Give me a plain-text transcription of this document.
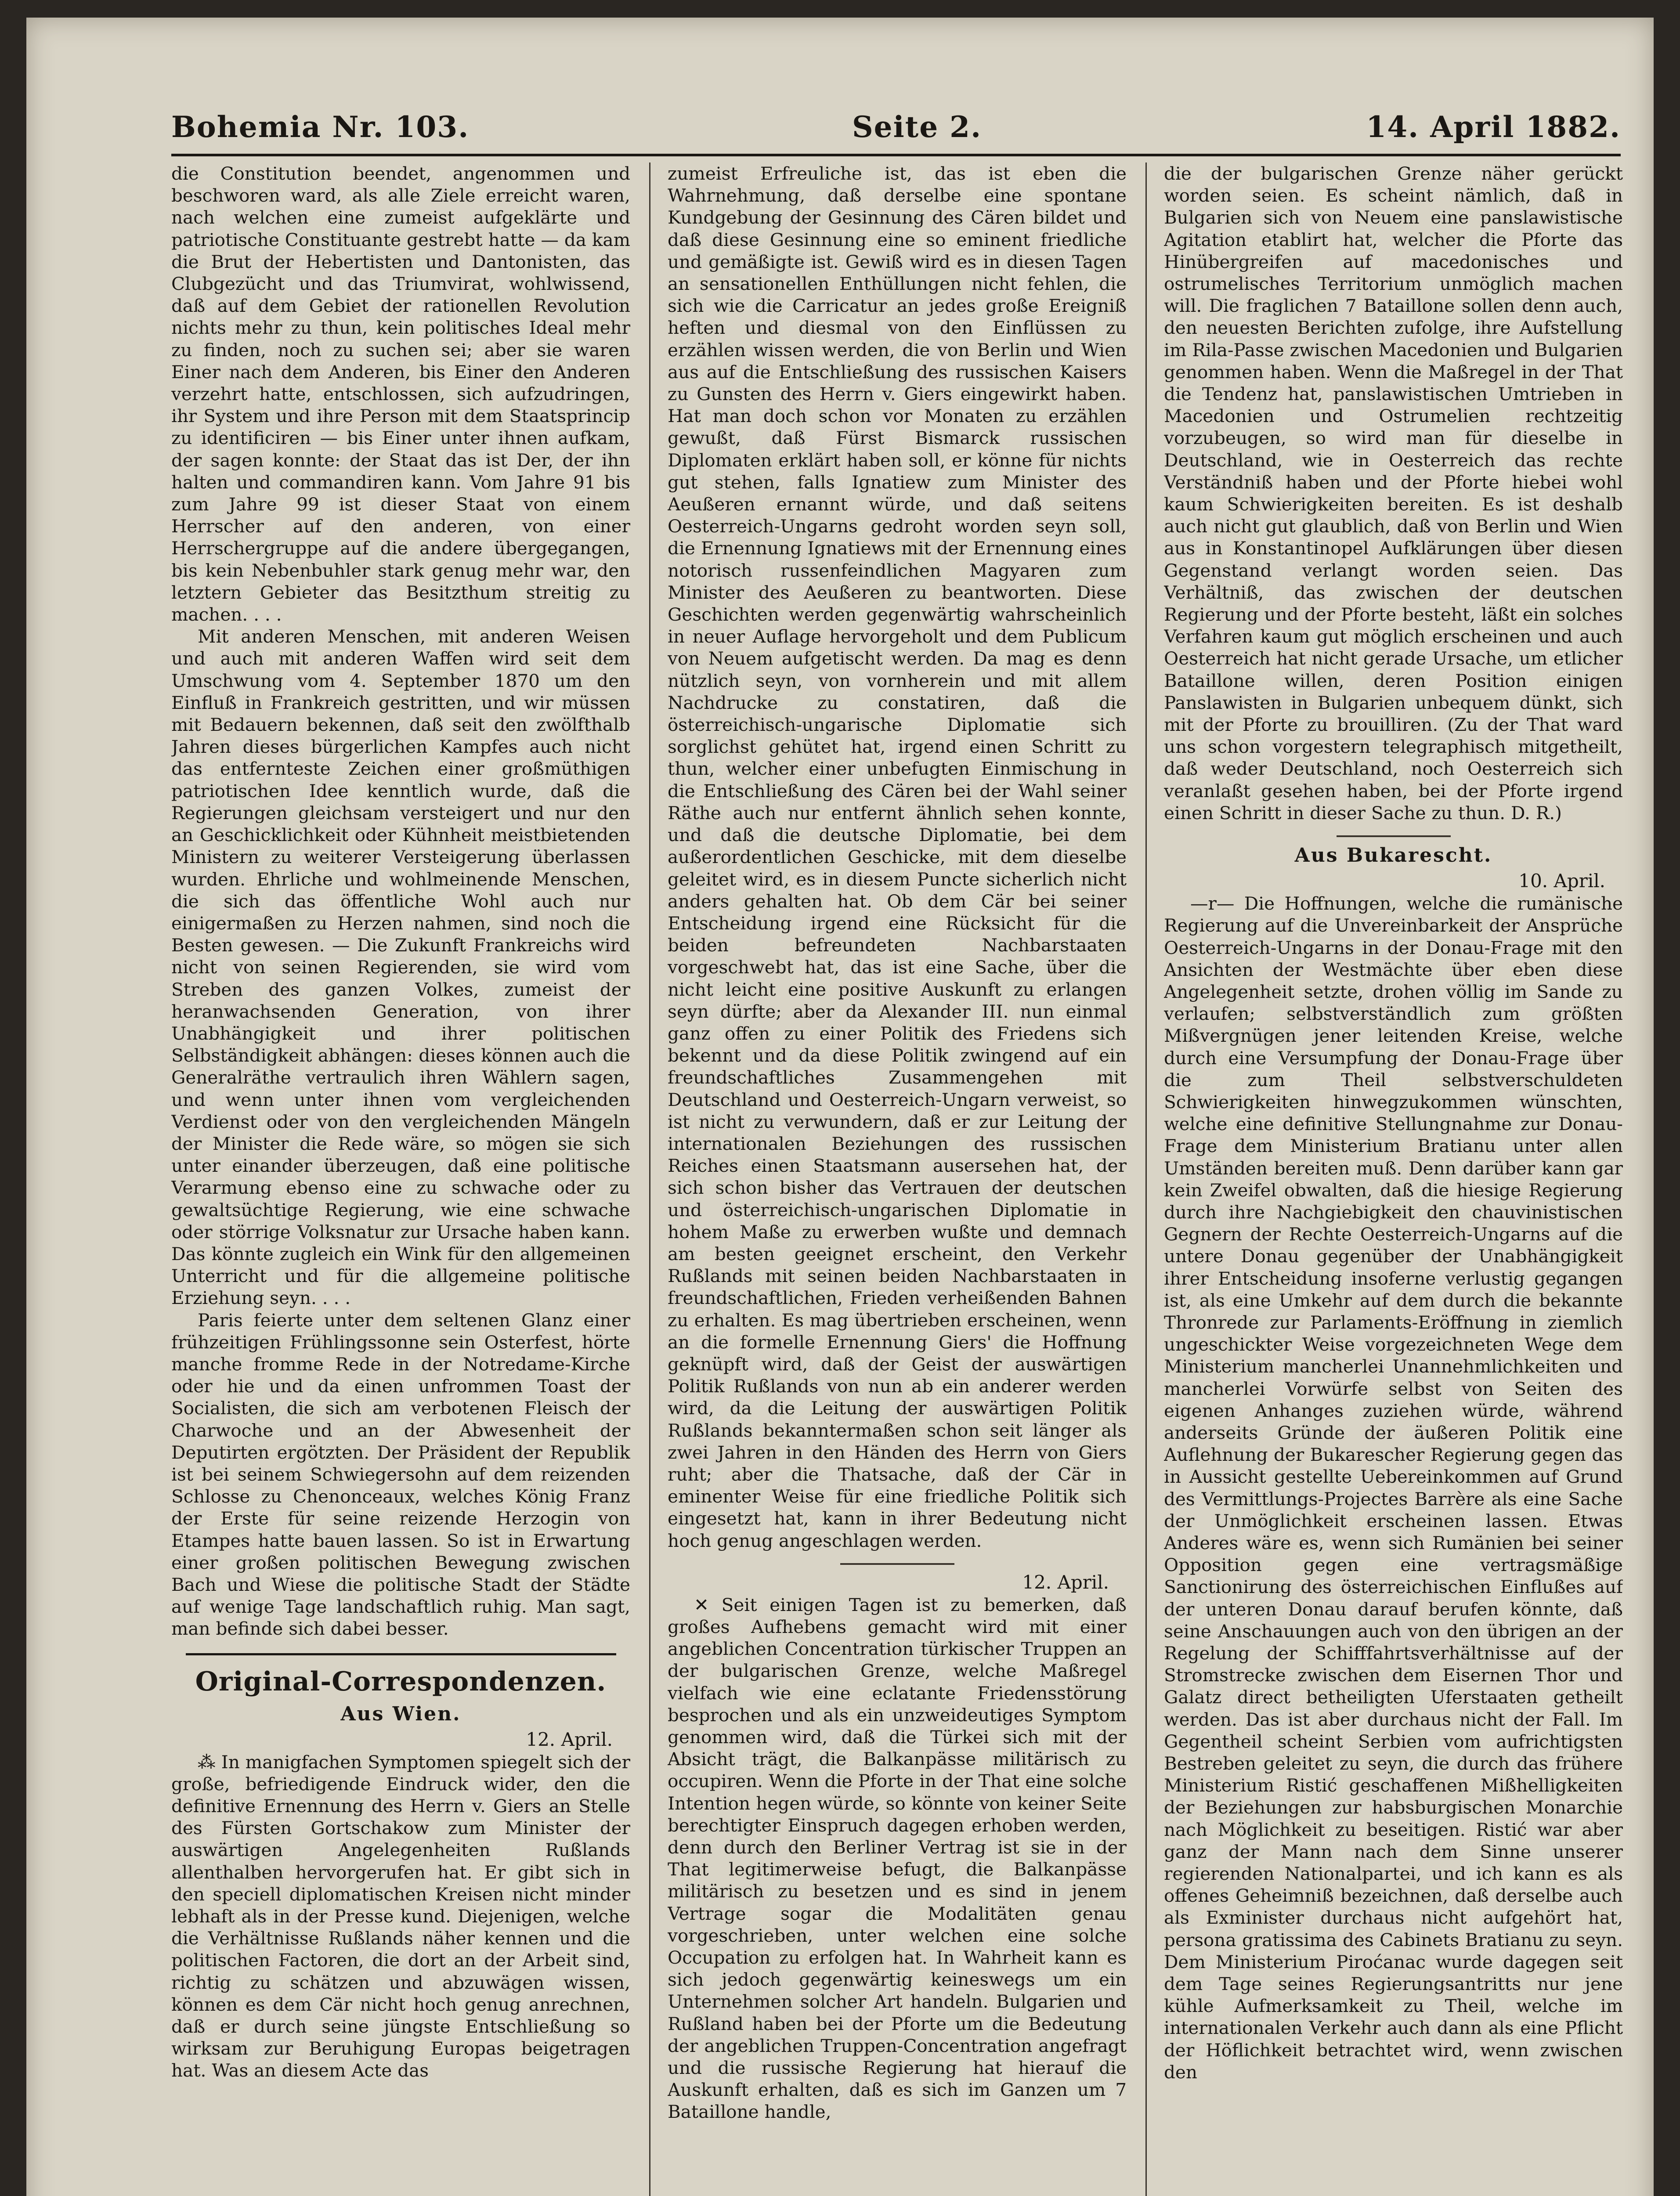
Bohemia Nr. 103.	Seite 2.	14. April 1882.

die Constitution beendet, angenommen und beschworen ward, als alle Ziele erreicht waren, nach welchen eine zumeist aufgeklärte und patriotische Constituante gestrebt hatte — da kam die Brut der Hebertisten und Dantonisten, das Clubgezücht und das Triumvirat, wohlwissend, daß auf dem Gebiet der rationellen Revolution nichts mehr zu thun, kein politisches Ideal mehr zu finden, noch zu suchen sei; aber sie waren Einer nach dem Anderen, bis Einer den Anderen verzehrt hatte, entschlossen, sich aufzudringen, ihr System und ihre Person mit dem Staatsprincip zu identificiren — bis Einer unter ihnen aufkam, der sagen konnte: der Staat das ist Der, der ihn halten und commandiren kann. Vom Jahre 91 bis zum Jahre 99 ist dieser Staat von einem Herrscher auf den anderen, von einer Herrschergruppe auf die andere übergegangen, bis kein Nebenbuhler stark genug mehr war, den letztern Gebieter das Besitzthum streitig zu machen. . . .

Mit anderen Menschen, mit anderen Weisen und auch mit anderen Waffen wird seit dem Umschwung vom 4. September 1870 um den Einfluß in Frankreich gestritten, und wir müssen mit Bedauern bekennen, daß seit den zwölfthalb Jahren dieses bürgerlichen Kampfes auch nicht das entfernteste Zeichen einer großmüthigen patriotischen Idee kenntlich wurde, daß die Regierungen gleichsam versteigert und nur den an Geschicklichkeit oder Kühnheit meistbietenden Ministern zu weiterer Versteigerung überlassen wurden. Ehrliche und wohlmeinende Menschen, die sich das öffentliche Wohl auch nur einigermaßen zu Herzen nahmen, sind noch die Besten gewesen. — Die Zukunft Frankreichs wird nicht von seinen Regierenden, sie wird vom Streben des ganzen Volkes, zumeist der heranwachsenden Generation, von ihrer Unabhängigkeit und ihrer politischen Selbständigkeit abhängen: dieses können auch die Generalräthe vertraulich ihren Wählern sagen, und wenn unter ihnen vom vergleichenden Verdienst oder von den vergleichenden Mängeln der Minister die Rede wäre, so mögen sie sich unter einander überzeugen, daß eine politische Verarmung ebenso eine zu schwache oder zu gewaltsüchtige Regierung, wie eine schwache oder störrige Volksnatur zur Ursache haben kann. Das könnte zugleich ein Wink für den allgemeinen Unterricht und für die allgemeine politische Erziehung seyn. . . .

Paris feierte unter dem seltenen Glanz einer frühzeitigen Frühlingssonne sein Osterfest, hörte manche fromme Rede in der Notredame-Kirche oder hie und da einen unfrommen Toast der Socialisten, die sich am verbotenen Fleisch der Charwoche und an der Abwesenheit der Deputirten ergötzten. Der Präsident der Republik ist bei seinem Schwiegersohn auf dem reizenden Schlosse zu Chenonceaux, welches König Franz der Erste für seine reizende Herzogin von Etampes hatte bauen lassen. So ist in Erwartung einer großen politischen Bewegung zwischen Bach und Wiese die politische Stadt der Städte auf wenige Tage landschaftlich ruhig. Man sagt, man befinde sich dabei besser.

Original-Correspondenzen.
Aus Wien.

12. April.

⁂ In manigfachen Symptomen spiegelt sich der große, befriedigende Eindruck wider, den die definitive Ernennung des Herrn v. Giers an Stelle des Fürsten Gortschakow zum Minister der auswärtigen Angelegenheiten Rußlands allenthalben hervorgerufen hat. Er gibt sich in den speciell diplomatischen Kreisen nicht minder lebhaft als in der Presse kund. Diejenigen, welche die Verhältnisse Rußlands näher kennen und die politischen Factoren, die dort an der Arbeit sind, richtig zu schätzen und abzuwägen wissen, können es dem Cär nicht hoch genug anrechnen, daß er durch seine jüngste Entschließung so wirksam zur Beruhigung Europas beigetragen hat. Was an diesem Acte das

zumeist Erfreuliche ist, das ist eben die Wahrnehmung, daß derselbe eine spontane Kundgebung der Gesinnung des Cären bildet und daß diese Gesinnung eine so eminent friedliche und gemäßigte ist. Gewiß wird es in diesen Tagen an sensationellen Enthüllungen nicht fehlen, die sich wie die Carricatur an jedes große Ereigniß heften und diesmal von den Einflüssen zu erzählen wissen werden, die von Berlin und Wien aus auf die Entschließung des russischen Kaisers zu Gunsten des Herrn v. Giers eingewirkt haben. Hat man doch schon vor Monaten zu erzählen gewußt, daß Fürst Bismarck russischen Diplomaten erklärt haben soll, er könne für nichts gut stehen, falls Ignatiew zum Minister des Aeußeren ernannt würde, und daß seitens Oesterreich-Ungarns gedroht worden seyn soll, die Ernennung Ignatiews mit der Ernennung eines notorisch russenfeindlichen Magyaren zum Minister des Aeußeren zu beantworten. Diese Geschichten werden gegenwärtig wahrscheinlich in neuer Auflage hervorgeholt und dem Publicum von Neuem aufgetischt werden. Da mag es denn nützlich seyn, von vornherein und mit allem Nachdrucke zu constatiren, daß die österreichisch-ungarische Diplomatie sich sorglichst gehütet hat, irgend einen Schritt zu thun, welcher einer unbefugten Einmischung in die Entschließung des Cären bei der Wahl seiner Räthe auch nur entfernt ähnlich sehen konnte, und daß die deutsche Diplomatie, bei dem außerordentlichen Geschicke, mit dem dieselbe geleitet wird, es in diesem Puncte sicherlich nicht anders gehalten hat. Ob dem Cär bei seiner Entscheidung irgend eine Rücksicht für die beiden befreundeten Nachbarstaaten vorgeschwebt hat, das ist eine Sache, über die nicht leicht eine positive Auskunft zu erlangen seyn dürfte; aber da Alexander III. nun einmal ganz offen zu einer Politik des Friedens sich bekennt und da diese Politik zwingend auf ein freundschaftliches Zusammengehen mit Deutschland und Oesterreich-Ungarn verweist, so ist nicht zu verwundern, daß er zur Leitung der internationalen Beziehungen des russischen Reiches einen Staatsmann ausersehen hat, der sich schon bisher das Vertrauen der deutschen und österreichisch-ungarischen Diplomatie in hohem Maße zu erwerben wußte und demnach am besten geeignet erscheint, den Verkehr Rußlands mit seinen beiden Nachbarstaaten in freundschaftlichen, Frieden verheißenden Bahnen zu erhalten. Es mag übertrieben erscheinen, wenn an die formelle Ernennung Giers' die Hoffnung geknüpft wird, daß der Geist der auswärtigen Politik Rußlands von nun ab ein anderer werden wird, da die Leitung der auswärtigen Politik Rußlands bekanntermaßen schon seit länger als zwei Jahren in den Händen des Herrn von Giers ruht; aber die Thatsache, daß der Cär in eminenter Weise für eine friedliche Politik sich eingesetzt hat, kann in ihrer Bedeutung nicht hoch genug angeschlagen werden.

12. April.

✕ Seit einigen Tagen ist zu bemerken, daß großes Aufhebens gemacht wird mit einer angeblichen Concentration türkischer Truppen an der bulgarischen Grenze, welche Maßregel vielfach wie eine eclatante Friedensstörung besprochen und als ein unzweideutiges Symptom genommen wird, daß die Türkei sich mit der Absicht trägt, die Balkanpässe militärisch zu occupiren. Wenn die Pforte in der That eine solche Intention hegen würde, so könnte von keiner Seite berechtigter Einspruch dagegen erhoben werden, denn durch den Berliner Vertrag ist sie in der That legitimerweise befugt, die Balkanpässe militärisch zu besetzen und es sind in jenem Vertrage sogar die Modalitäten genau vorgeschrieben, unter welchen eine solche Occupation zu erfolgen hat. In Wahrheit kann es sich jedoch gegenwärtig keineswegs um ein Unternehmen solcher Art handeln. Bulgarien und Rußland haben bei der Pforte um die Bedeutung der angeblichen Truppen-Concentration angefragt und die russische Regierung hat hierauf die Auskunft erhalten, daß es sich im Ganzen um 7 Bataillone handle,

die der bulgarischen Grenze näher gerückt worden seien. Es scheint nämlich, daß in Bulgarien sich von Neuem eine panslawistische Agitation etablirt hat, welcher die Pforte das Hinübergreifen auf macedonisches und ostrumelisches Territorium unmöglich machen will. Die fraglichen 7 Bataillone sollen denn auch, den neuesten Berichten zufolge, ihre Aufstellung im Rila-Passe zwischen Macedonien und Bulgarien genommen haben. Wenn die Maßregel in der That die Tendenz hat, panslawistischen Umtrieben in Macedonien und Ostrumelien rechtzeitig vorzubeugen, so wird man für dieselbe in Deutschland, wie in Oesterreich das rechte Verständniß haben und der Pforte hiebei wohl kaum Schwierigkeiten bereiten. Es ist deshalb auch nicht gut glaublich, daß von Berlin und Wien aus in Konstantinopel Aufklärungen über diesen Gegenstand verlangt worden seien. Das Verhältniß, das zwischen der deutschen Regierung und der Pforte besteht, läßt ein solches Verfahren kaum gut möglich erscheinen und auch Oesterreich hat nicht gerade Ursache, um etlicher Bataillone willen, deren Position einigen Panslawisten in Bulgarien unbequem dünkt, sich mit der Pforte zu brouilliren. (Zu der That ward uns schon vorgestern telegraphisch mitgetheilt, daß weder Deutschland, noch Oesterreich sich veranlaßt gesehen haben, bei der Pforte irgend einen Schritt in dieser Sache zu thun. D. R.)

Aus Bukarescht.

10. April.

—r— Die Hoffnungen, welche die rumänische Regierung auf die Unvereinbarkeit der Ansprüche Oesterreich-Ungarns in der Donau-Frage mit den Ansichten der Westmächte über eben diese Angelegenheit setzte, drohen völlig im Sande zu verlaufen; selbstverständlich zum größten Mißvergnügen jener leitenden Kreise, welche durch eine Versumpfung der Donau-Frage über die zum Theil selbstverschuldeten Schwierigkeiten hinwegzukommen wünschten, welche eine definitive Stellungnahme zur Donau-Frage dem Ministerium Bratianu unter allen Umständen bereiten muß. Denn darüber kann gar kein Zweifel obwalten, daß die hiesige Regierung durch ihre Nachgiebigkeit den chauvinistischen Gegnern der Rechte Oesterreich-Ungarns auf die untere Donau gegenüber der Unabhängigkeit ihrer Entscheidung insoferne verlustig gegangen ist, als eine Umkehr auf dem durch die bekannte Thronrede zur Parlaments-Eröffnung in ziemlich ungeschickter Weise vorgezeichneten Wege dem Ministerium mancherlei Unannehmlichkeiten und mancherlei Vorwürfe selbst von Seiten des eigenen Anhanges zuziehen würde, während anderseits Gründe der äußeren Politik eine Auflehnung der Bukarescher Regierung gegen das in Aussicht gestellte Uebereinkommen auf Grund des Vermittlungs-Projectes Barrère als eine Sache der Unmöglichkeit erscheinen lassen. Etwas Anderes wäre es, wenn sich Rumänien bei seiner Opposition gegen eine vertragsmäßige Sanctionirung des österreichischen Einflußes auf der unteren Donau darauf berufen könnte, daß seine Anschauungen auch von den übrigen an der Regelung der Schifffahrtsverhältnisse auf der Stromstrecke zwischen dem Eisernen Thor und Galatz direct betheiligten Uferstaaten getheilt werden. Das ist aber durchaus nicht der Fall. Im Gegentheil scheint Serbien vom aufrichtigsten Bestreben geleitet zu seyn, die durch das frühere Ministerium Ristić geschaffenen Mißhelligkeiten der Beziehungen zur habsburgischen Monarchie nach Möglichkeit zu beseitigen. Ristić war aber ganz der Mann nach dem Sinne unserer regierenden Nationalpartei, und ich kann es als offenes Geheimniß bezeichnen, daß derselbe auch als Exminister durchaus nicht aufgehört hat, persona gratissima des Cabinets Bratianu zu seyn. Dem Ministerium Pirоćanac wurde dagegen seit dem Tage seines Regierungsantritts nur jene kühle Aufmerksamkeit zu Theil, welche im internationalen Verkehr auch dann als eine Pflicht der Höflichkeit betrachtet wird, wenn zwischen den
